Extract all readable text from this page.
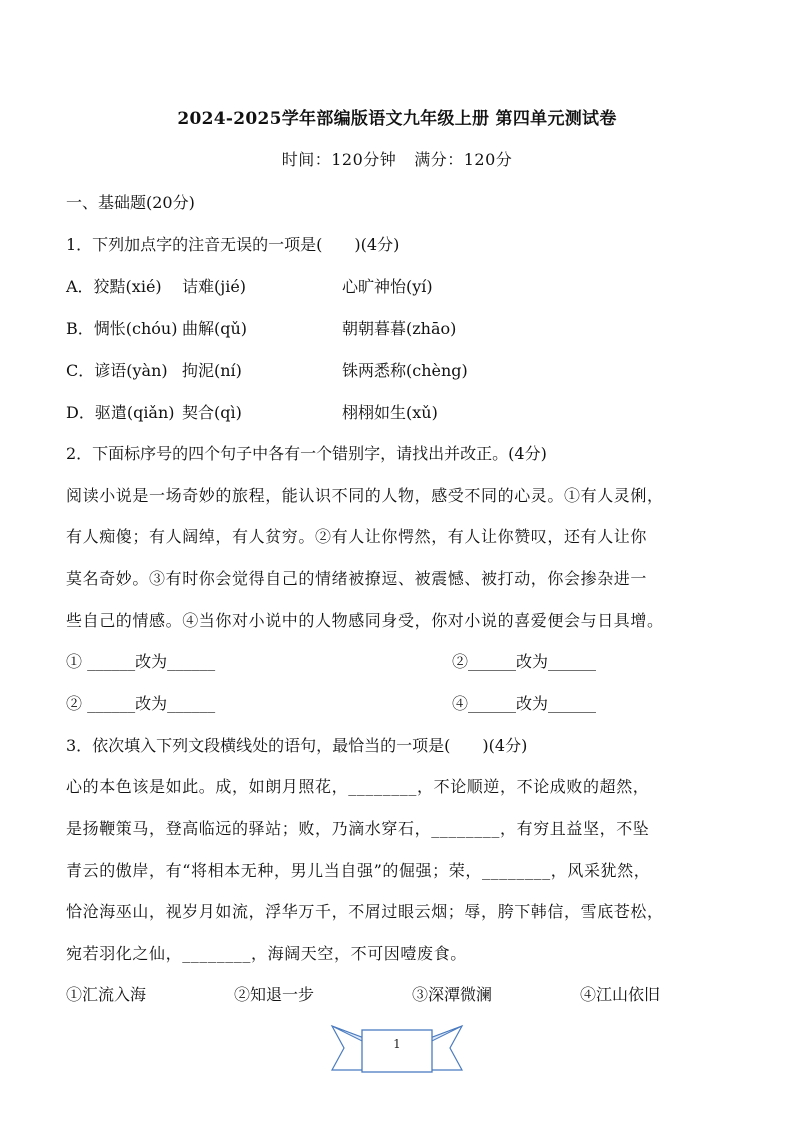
2024-2025学年部编版语文九年级上册 第四单元测试卷
时间：120分钟 满分：120分
一、基础题(20分)
1．下列加点字的注音无误的一项是(　　)(4分)
A．狡黠(xié) 诘难(jié)	心旷神怡(yí)
B．惆怅(chóu) 曲解(qǔ)	朝朝暮暮(zhāo)
C．谚语(yàn) 拘泥(ní)	铢两悉称(chèng)
D．驱遣(qiǎn) 契合(qì)	栩栩如生(xǔ)
2．下面标序号的四个句子中各有一个错别字，请找出并改正。(4分)
阅读小说是一场奇妙的旅程，能认识不同的人物，感受不同的心灵。①有人灵俐，
有人痴傻；有人阔绰，有人贫穷。②有人让你愕然，有人让你赞叹，还有人让你
莫名奇妙。③有时你会觉得自己的情绪被撩逗、被震憾、被打动，你会掺杂进一
些自己的情感。④当你对小说中的人物感同身受，你对小说的喜爱便会与日具增。
① ______改为______	②______改为______
② ______改为______	④______改为______
3．依次填入下列文段横线处的语句，最恰当的一项是(　　)(4分)
心的本色该是如此。成，如朗月照花，________，不论顺逆，不论成败的超然，
是扬鞭策马，登高临远的驿站；败，乃滴水穿石，________，有穷且益坚，不坠
青云的傲岸，有“将相本无种，男儿当自强”的倔强；荣，________，风采犹然，
恰沧海巫山，视岁月如流，浮华万千，不屑过眼云烟；辱，胯下韩信，雪底苍松，
宛若羽化之仙，________，海阔天空，不可因噎废食。
①汇流入海	②知退一步	③深潭微澜	④江山依旧
1
